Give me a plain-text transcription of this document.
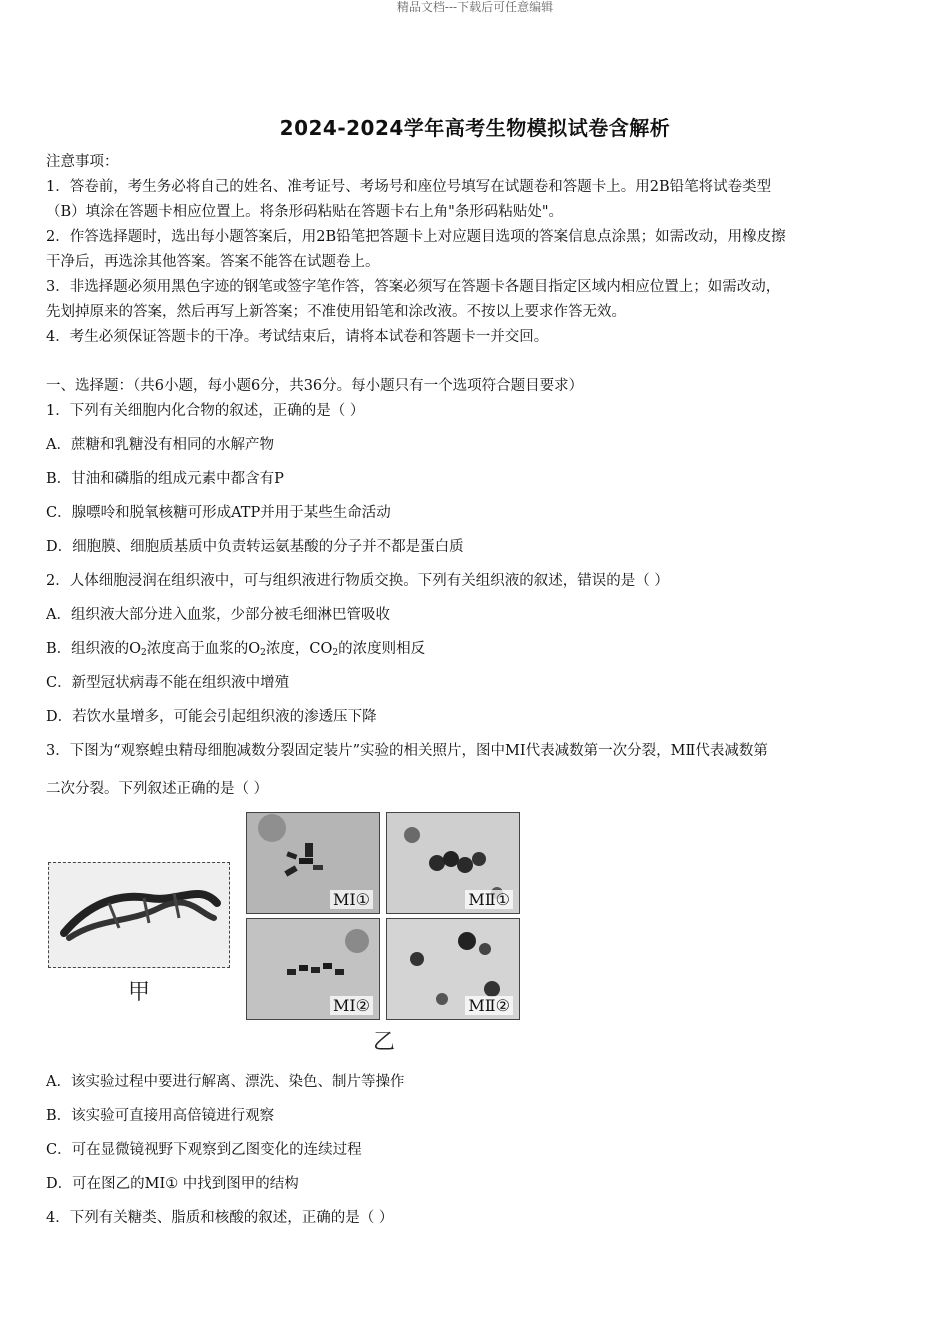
精品文档---下载后可任意编辑
2024-2024学年高考生物模拟试卷含解析
注意事项：
1．答卷前，考生务必将自己的姓名、准考证号、考场号和座位号填写在试题卷和答题卡上。用2B铅笔将试卷类型
（B）填涂在答题卡相应位置上。将条形码粘贴在答题卡右上角"条形码粘贴处"。
2．作答选择题时，选出每小题答案后，用2B铅笔把答题卡上对应题目选项的答案信息点涂黑；如需改动，用橡皮擦
干净后，再选涂其他答案。答案不能答在试题卷上。
3．非选择题必须用黑色字迹的钢笔或签字笔作答，答案必须写在答题卡各题目指定区域内相应位置上；如需改动，
先划掉原来的答案，然后再写上新答案；不准使用铅笔和涂改液。不按以上要求作答无效。
4．考生必须保证答题卡的干净。考试结束后，请将本试卷和答题卡一并交回。
一、选择题：（共6小题，每小题6分，共36分。每小题只有一个选项符合题目要求）
1．下列有关细胞内化合物的叙述，正确的是（ ）
A．蔗糖和乳糖没有相同的水解产物
B．甘油和磷脂的组成元素中都含有P
C．腺嘌呤和脱氧核糖可形成ATP并用于某些生命活动
D．细胞膜、细胞质基质中负责转运氨基酸的分子并不都是蛋白质
2．人体细胞浸润在组织液中，可与组织液进行物质交换。下列有关组织液的叙述，错误的是（ ）
A．组织液大部分进入血浆，少部分被毛细淋巴管吸收
B．组织液的$O_2$浓度高于血浆的$O_2$浓度，$CO_2$的浓度则相反
C．新型冠状病毒不能在组织液中增殖
D．若饮水量增多，可能会引起组织液的渗透压下降
3．下图为“观察蝗虫精母细胞减数分裂固定装片”实验的相关照片，图中MⅠ代表减数第一次分裂，MⅡ代表减数第
二次分裂。下列叙述正确的是（ ）
甲
MⅠ①	MⅡ①
MⅠ②	MⅡ②
乙
A．该实验过程中要进行解离、漂洗、染色、制片等操作
B．该实验可直接用高倍镜进行观察
C．可在显微镜视野下观察到乙图变化的连续过程
D．可在图乙的MⅠ① 中找到图甲的结构
4．下列有关糖类、脂质和核酸的叙述，正确的是（ ）
